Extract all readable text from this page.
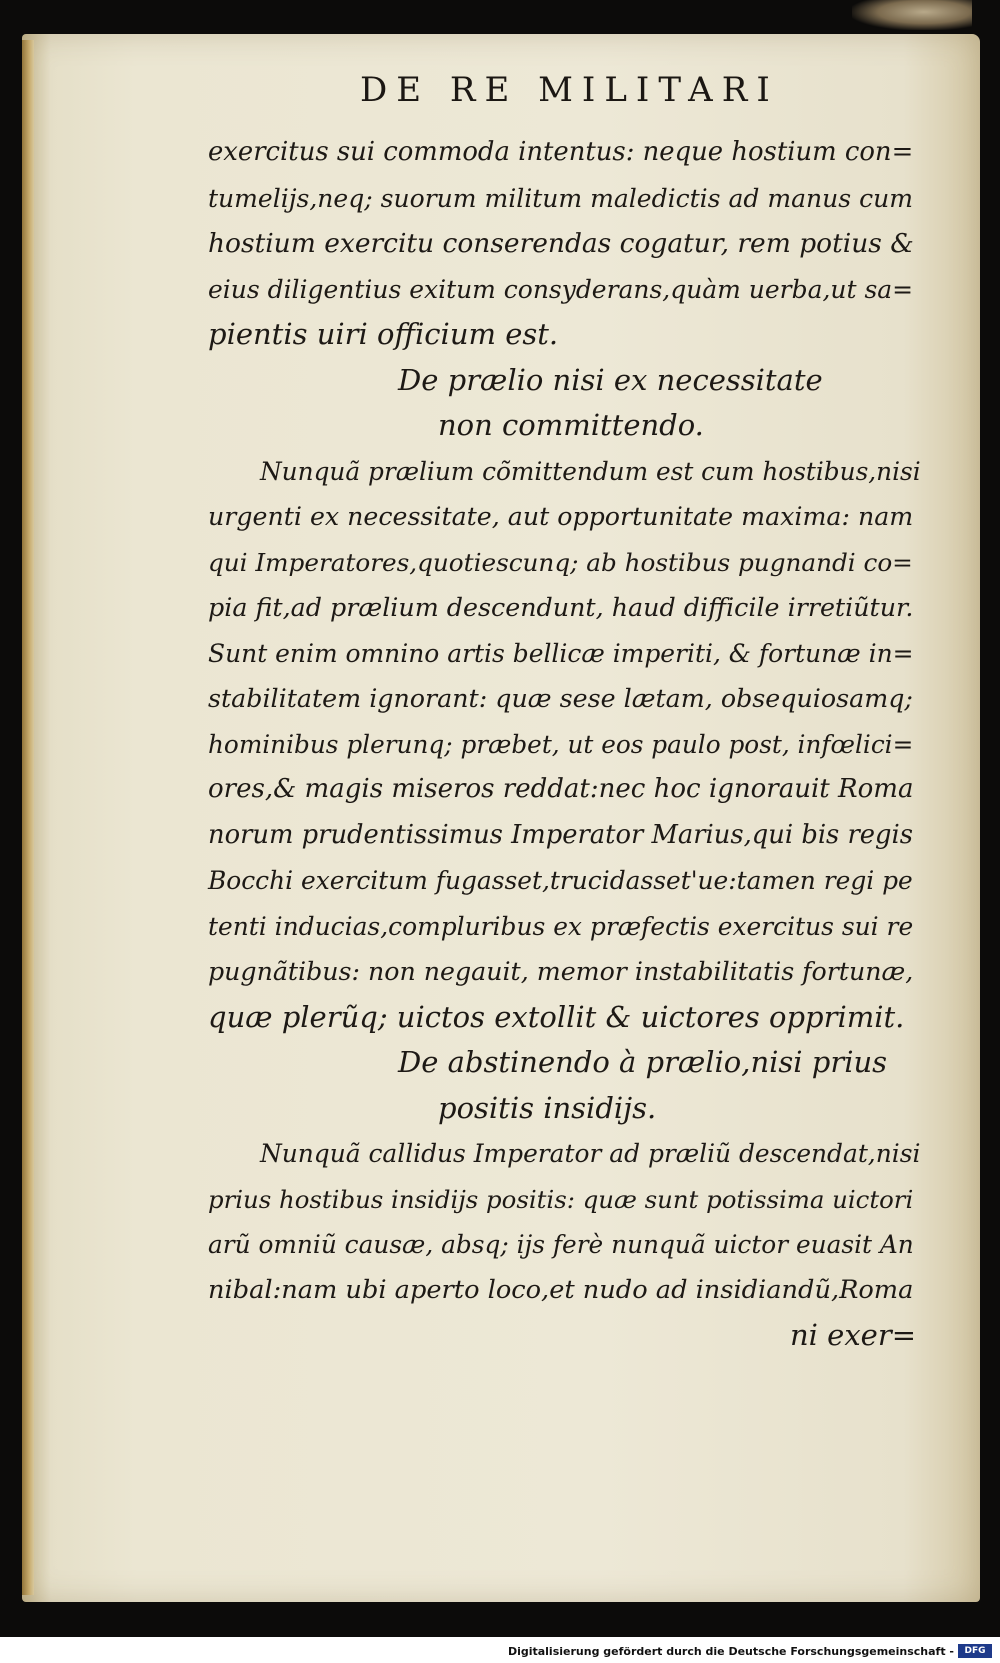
DE RE MILITARI
exercitus sui commoda intentus: neque hostium con=
tumelijs,neq; suorum militum maledictis ad manus cum
hostium exercitu conserendas cogatur, rem potius &
eius diligentius exitum consyderans,quàm uerba,ut sa=
pientis uiri officium est.
De prælio nisi ex necessitate
non committendo.
Nunquã prælium cõmittendum est cum hostibus,nisi
urgenti ex necessitate, aut opportunitate maxima: nam
qui Imperatores,quotiescunq; ab hostibus pugnandi co=
pia fit,ad prælium descendunt, haud difficile irretiũtur.
Sunt enim omnino artis bellicæ imperiti, & fortunæ in=
stabilitatem ignorant: quæ sese lætam, obsequiosamq;
hominibus plerunq; præbet, ut eos paulo post, infœlici=
ores,& magis miseros reddat:nec hoc ignorauit Roma
norum prudentissimus Imperator Marius,qui bis regis
Bocchi exercitum fugasset,trucidasset'ue:tamen regi pe
tenti inducias,compluribus ex præfectis exercitus sui re
pugnãtibus: non negauit, memor instabilitatis fortunæ,
quæ plerũq; uictos extollit & uictores opprimit.
De abstinendo à prælio,nisi prius
positis insidijs.
Nunquã callidus Imperator ad præliũ descendat,nisi
prius hostibus insidijs positis: quæ sunt potissima uictori
arũ omniũ causæ, absq; ijs ferè nunquã uictor euasit An
nibal:nam ubi aperto loco,et nudo ad insidiandũ,Roma
ni exer=
Digitalisierung gefördert durch die Deutsche Forschungsgemeinschaft -	DFG
